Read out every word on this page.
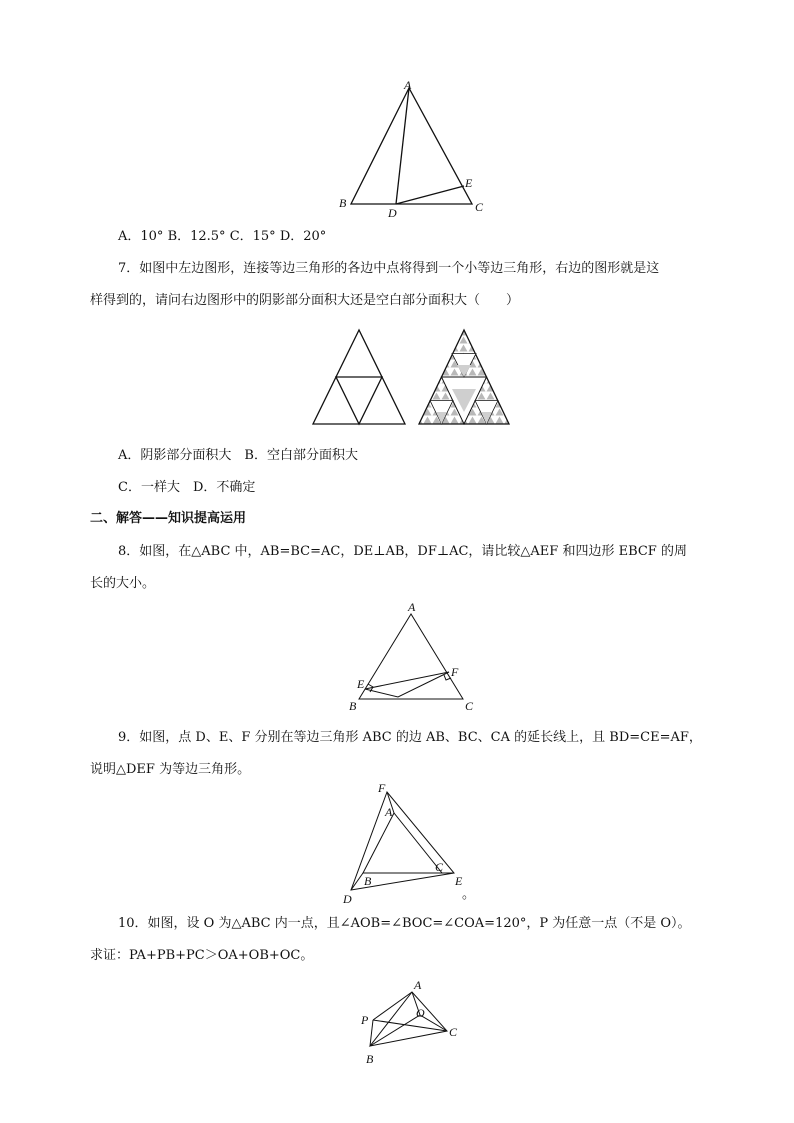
A
B	C
D
E
A．10° B．12.5° C．15° D．20°
7．如图中左边图形，连接等边三角形的各边中点将得到一个小等边三角形，右边的图形就是这
样得到的，请问右边图形中的阴影部分面积大还是空白部分面积大（　　）
A．阴影部分面积大　B．空白部分面积大
C．一样大　D．不确定
二、解答——知识提高运用
8．如图，在△ABC 中，AB=BC=AC，DE⊥AB，DF⊥AC，请比较△AEF 和四边形 EBCF 的周
长的大小。
A
B	C
E
F
9．如图，点 D、E、F 分别在等边三角形 ABC 的边 AB、BC、CA 的延长线上，且 BD=CE=AF，
说明△DEF 为等边三角形。
F
A
B
C
D
E
。
10．如图，设 O 为△ABC 内一点，且∠AOB=∠BOC=∠COA=120°，P 为任意一点（不是 O）。
求证：PA+PB+PC＞OA+OB+OC。
A
B
C
O
P
